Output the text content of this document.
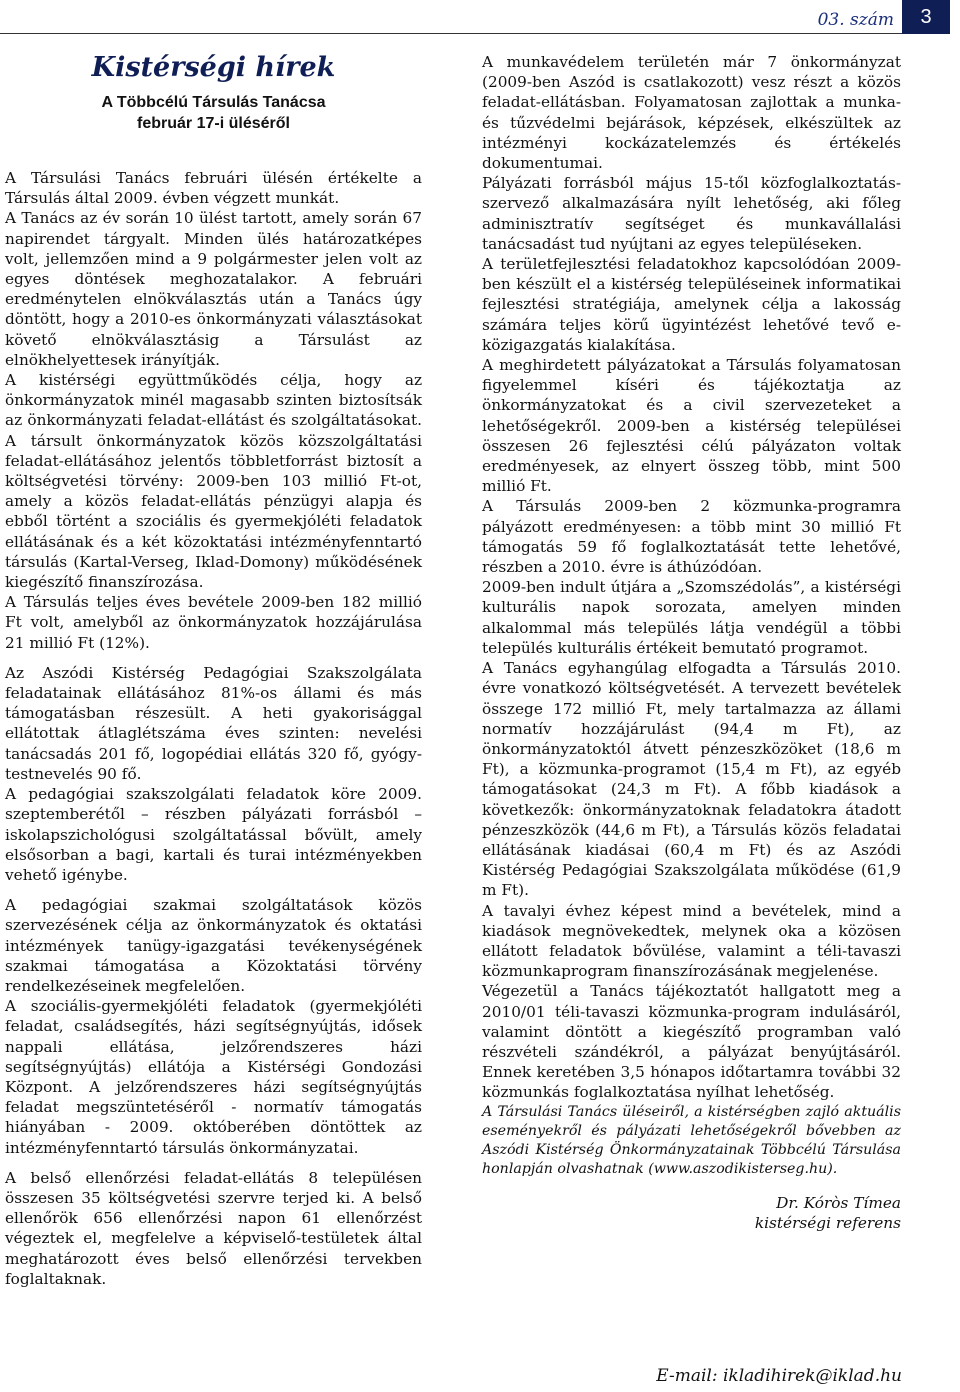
03. szám	3
Kistérségi hírek

A Többcélú Társulás Tanácsa

február 17-i üléséről

A Társulási Tanács februári ülésén értékelte a Társulás által 2009. évben végzett munkát.

A Tanács az év során 10 ülést tartott, amely során 67 napirendet tárgyalt. Minden ülés határozatképes volt, jellemzően mind a 9 polgármester jelen volt az egyes döntések meghozatalakor. A februári eredménytelen elnökválasztás után a Tanács úgy döntött, hogy a 2010-es önkormányzati választásokat követő elnökválasztásig a Társulást az elnökhelyettesek irányítják.

A kistérségi együttműködés célja, hogy az önkormányzatok minél magasabb szinten biztosítsák az önkormányzati feladat-ellátást és szolgáltatásokat. A társult önkormányzatok közös közszolgáltatási feladat-ellátásához jelentős többletforrást biztosít a költségvetési törvény: 2009-ben 103 millió Ft-ot, amely a közös feladat-ellátás pénzügyi alapja és ebből történt a szociális és gyermekjóléti feladatok ellátásának és a két közoktatási intézményfenntartó társulás (Kartal-Verseg, Iklad-Domony) működésének kiegészítő finanszírozása.

A Társulás teljes éves bevétele 2009-ben 182 millió Ft volt, amelyből az önkormányzatok hozzájárulása 21 millió Ft (12%).

Az Aszódi Kistérség Pedagógiai Szakszolgálata feladatainak ellátásához 81%-os állami és más támogatásban részesült. A heti gyakorisággal ellátottak átlaglétszáma éves szinten: nevelési tanácsadás 201 fő, logopédiai ellátás 320 fő, gyógy-testnevelés 90 fő.

A pedagógiai szakszolgálati feladatok köre 2009. szeptemberétől – részben pályázati forrásból – iskolapszichológusi szolgáltatással bővült, amely elsősorban a bagi, kartali és turai intézményekben vehető igénybe.

A pedagógiai szakmai szolgáltatások közös szervezésének célja az önkormányzatok és oktatási intézmények tanügy-igazgatási tevékenységének szakmai támogatása a Közoktatási törvény rendelkezéseinek megfelelően.

A szociális-gyermekjóléti feladatok (gyermekjóléti feladat, családsegítés, házi segítségnyújtás, idősek nappali ellátása, jelzőrendszeres házi segítségnyújtás) ellátója a Kistérségi Gondozási Központ. A jelzőrendszeres házi segítségnyújtás feladat megszüntetéséről - normatív támogatás hiányában - 2009. októberében döntöttek az intézményfenntartó társulás önkormányzatai.

A belső ellenőrzési feladat-ellátás 8 településen összesen 35 költségvetési szervre terjed ki. A belső ellenőrök 656 ellenőrzési napon 61 ellenőrzést végeztek el, megfelelve a képviselő-testületek által meghatározott éves belső ellenőrzési tervekben foglaltaknak.

A munkavédelem területén már 7 önkormányzat (2009-ben Aszód is csatlakozott) vesz részt a közös feladat-ellátásban. Folyamatosan zajlottak a munka- és tűzvédelmi bejárások, képzések, elkészültek az intézményi kockázatelemzés és értékelés dokumentumai.

Pályázati forrásból május 15-től közfoglalkoztatás-szervező alkalmazására nyílt lehetőség, aki főleg adminisztratív segítséget és munkavállalási tanácsadást tud nyújtani az egyes településeken.

A területfejlesztési feladatokhoz kapcsolódóan 2009-ben készült el a kistérség településeinek informatikai fejlesztési stratégiája, amelynek célja a lakosság számára teljes körű ügyintézést lehetővé tevő e-közigazgatás kialakítása.

A meghirdetett pályázatokat a Társulás folyamatosan figyelemmel kíséri és tájékoztatja az önkormányzatokat és a civil szervezeteket a lehetőségekről. 2009-ben a kistérség települései összesen 26 fejlesztési célú pályázaton voltak eredményesek, az elnyert összeg több, mint 500 millió Ft.

A Társulás 2009-ben 2 közmunka-programra pályázott eredményesen: a több mint 30 millió Ft támogatás 59 fő foglalkoztatását tette lehetővé, részben a 2010. évre is áthúzódóan.

2009-ben indult útjára a „Szomszédolás”, a kistérségi kulturális napok sorozata, amelyen minden alkalommal más település látja vendégül a többi település kulturális értékeit bemutató programot.

A Tanács egyhangúlag elfogadta a Társulás 2010. évre vonatkozó költségvetését. A tervezett bevételek összege 172 millió Ft, mely tartalmazza az állami normatív hozzájárulást (94,4 m Ft), az önkormányzatoktól átvett pénzeszközöket (18,6 m Ft), a közmunka-programot (15,4 m Ft), az egyéb támogatásokat (24,3 m Ft). A főbb kiadások a következők: önkormányzatoknak feladatokra átadott pénzeszközök (44,6 m Ft), a Társulás közös feladatai ellátásának kiadásai (60,4 m Ft) és az Aszódi Kistérség Pedagógiai Szakszolgálata működése (61,9 m Ft).

A tavalyi évhez képest mind a bevételek, mind a kiadások megnövekedtek, melynek oka a közösen ellátott feladatok bővülése, valamint a téli-tavaszi közmunkaprogram finanszírozásának megjelenése.

Végezetül a Tanács tájékoztatót hallgatott meg a 2010/01 téli-tavaszi közmunka-program indulásáról, valamint döntött a kiegészítő programban való részvételi szándékról, a pályázat benyújtásáról. Ennek keretében 3,5 hónapos időtartamra további 32 közmunkás foglalkoztatása nyílhat lehetőség.

A Társulási Tanács üléseiről, a kistérségben zajló aktuális eseményekről és pályázati lehetőségekről bővebben az Aszódi Kistérség Önkormányzatainak Többcélú Társulása honlapján olvashatnak (www.aszodikisterseg.hu).

Dr. Kóròs Tímea
kistérségi referens
E-mail: ikladihirek@iklad.hu
